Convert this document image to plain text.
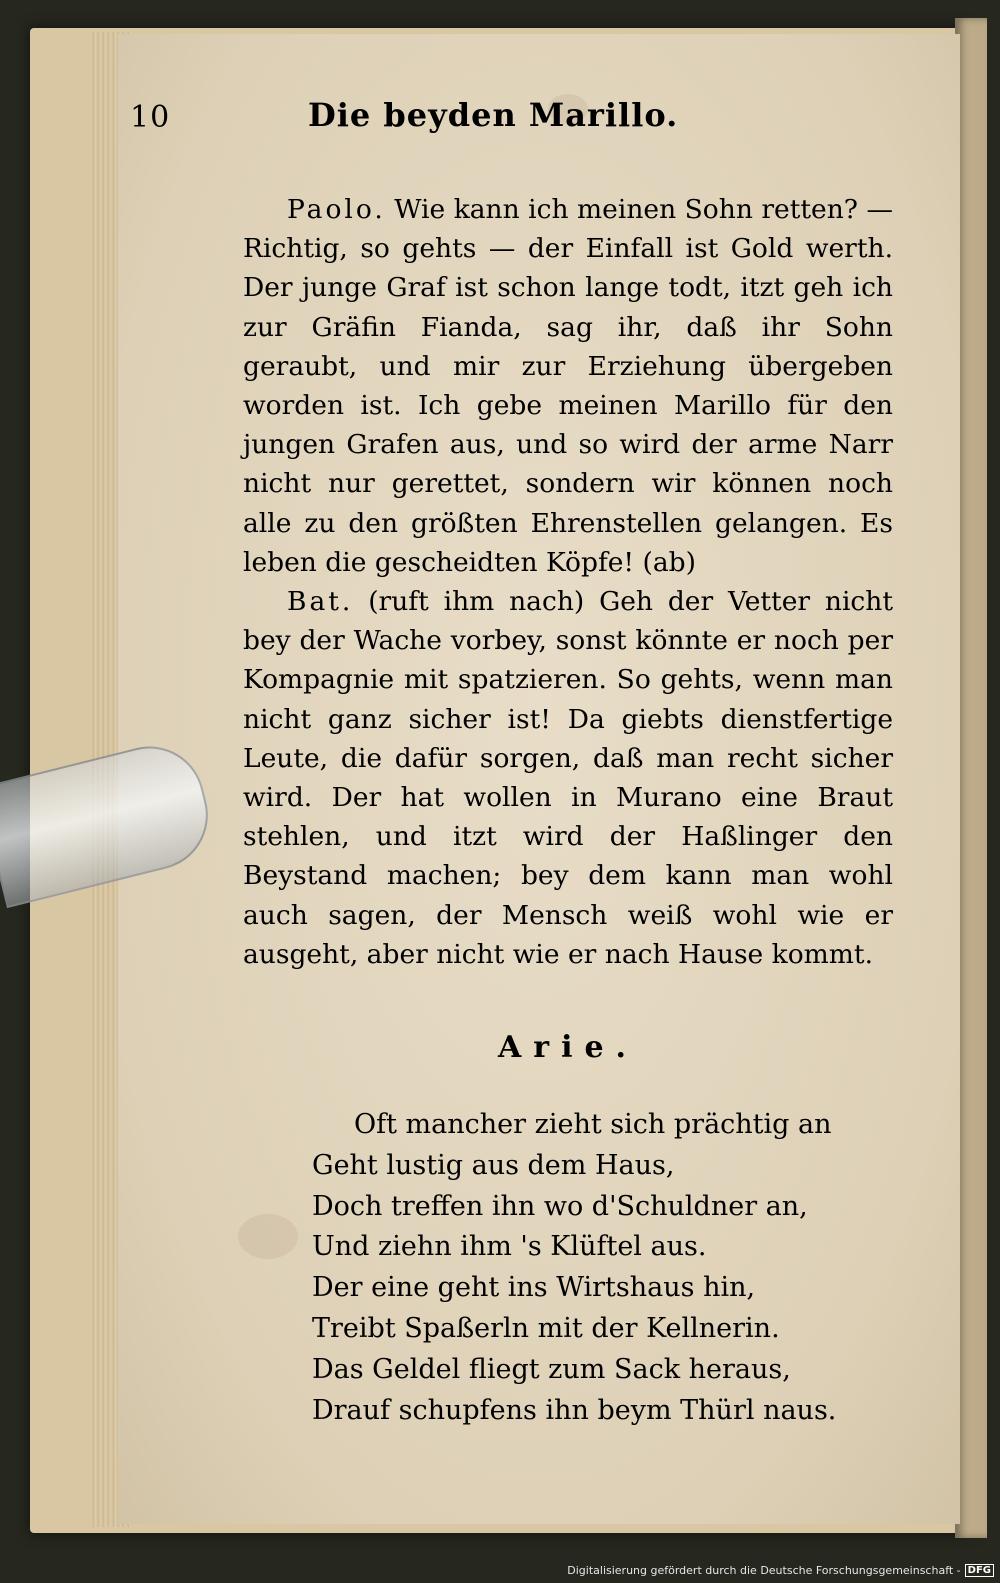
10	Die beyden Marillo.

Paolo. Wie kann ich meinen Sohn retten? — Richtig, so gehts — der Einfall ist Gold werth. Der junge Graf ist schon lange todt, itzt geh ich zur Gräfin Fianda, sag ihr, daß ihr Sohn geraubt, und mir zur Erziehung übergeben worden ist. Ich gebe meinen Marillo für den jungen Grafen aus, und so wird der arme Narr nicht nur gerettet, sondern wir können noch alle zu den größten Ehrenstellen gelangen. Es leben die gescheidten Köpfe! (ab)

Bat. (ruft ihm nach) Geh der Vetter nicht bey der Wache vorbey, sonst könnte er noch per Kompagnie mit spatzieren. So gehts, wenn man nicht ganz sicher ist! Da giebts dienstfertige Leute, die dafür sorgen, daß man recht sicher wird. Der hat wollen in Murano eine Braut stehlen, und itzt wird der Haßlinger den Beystand machen; bey dem kann man wohl auch sagen, der Mensch weiß wohl wie er ausgeht, aber nicht wie er nach Hause kommt.

Arie.
Oft mancher zieht sich prächtig an
Geht lustig aus dem Haus,
Doch treffen ihn wo d'Schuldner an,
Und ziehn ihm 's Klüftel aus.
Der eine geht ins Wirtshaus hin,
Treibt Spaßerln mit der Kellnerin.
Das Geldel fliegt zum Sack heraus,
Drauf schupfens ihn beym Thürl naus.
Digitalisierung gefördert durch die Deutsche Forschungsgemeinschaft - DFG
